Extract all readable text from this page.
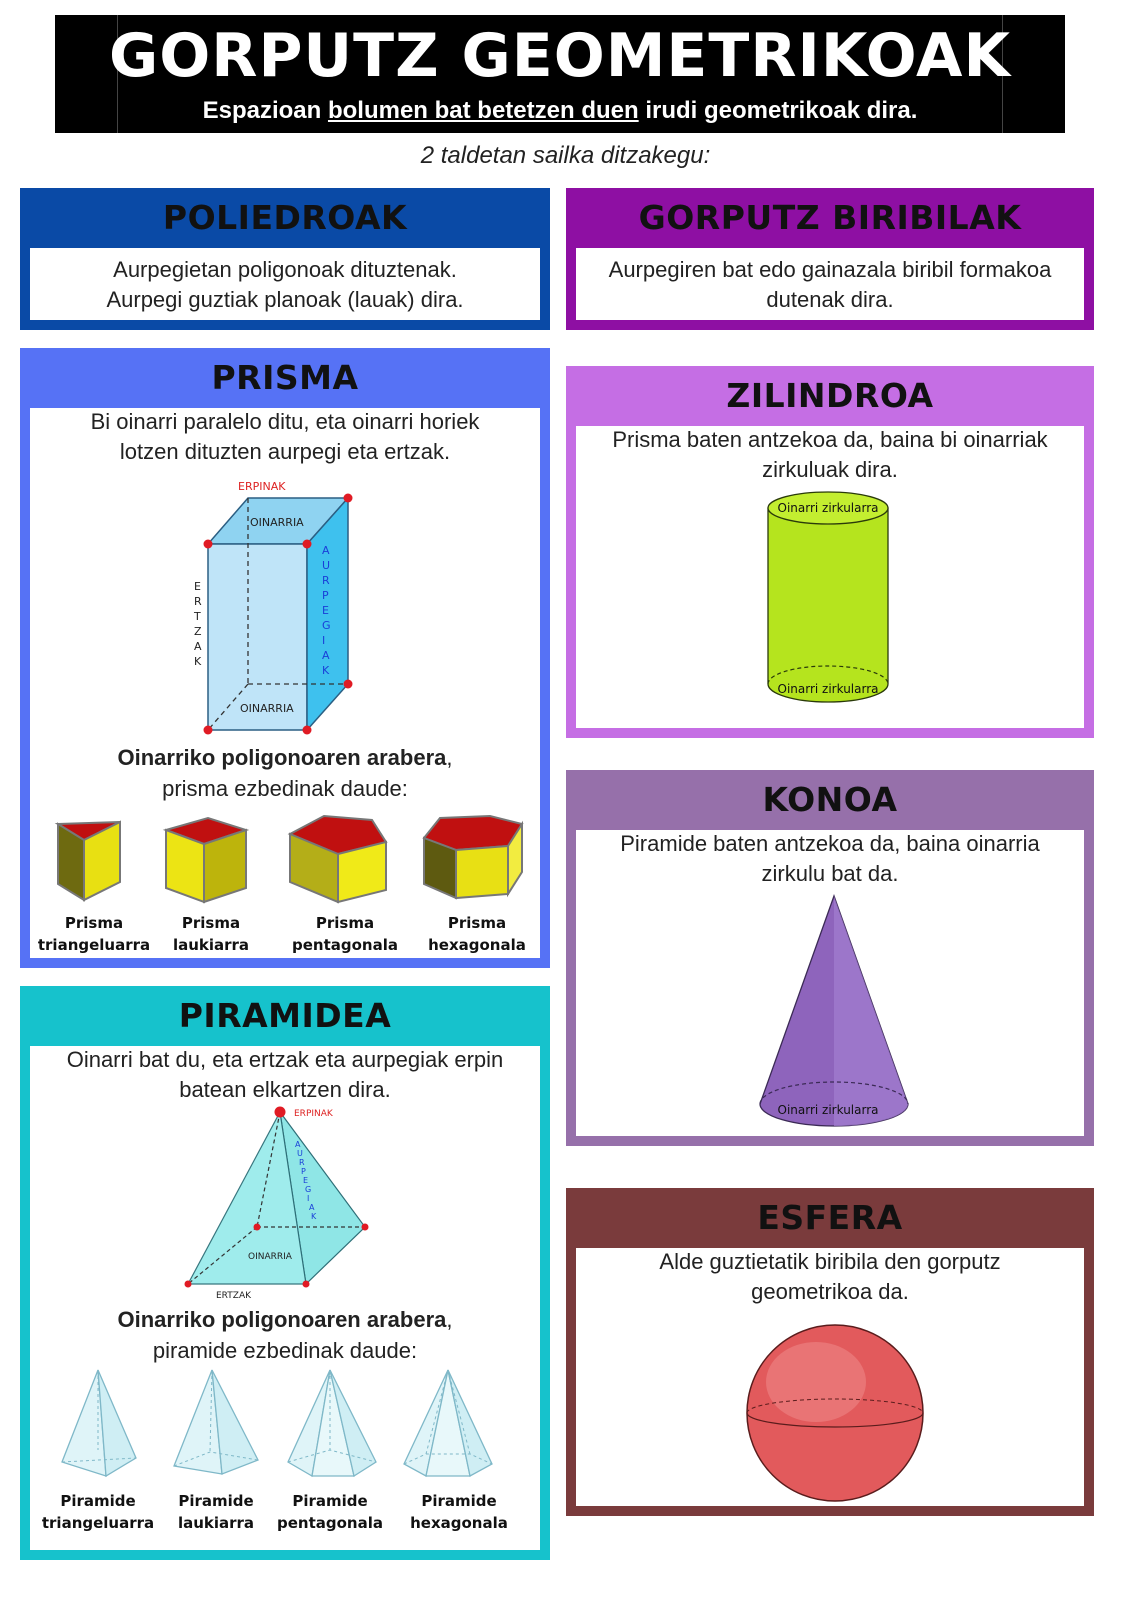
GORPUTZ GEOMETRIKOAK
Espazioan bolumen bat betetzen duen irudi geometrikoak dira.
2 taldetan sailka ditzakegu:
POLIEDROAK
Aurpegietan poligonoak dituztenak.
Aurpegi guztiak planoak (lauak) dira.
GORPUTZ BIRIBILAK
Aurpegiren bat edo gainazala biribil formakoa
dutenak dira.
PRISMA
Bi oinarri paralelo ditu, eta oinarri horiek
lotzen dituzten aurpegi eta ertzak.
ERPINAK
OINARRIA
OINARRIA
E
R
T
Z
A
K
A
U
R
P
E
G
I
A
K
Oinarriko poligonoaren arabera,
prisma ezbedinak daude:
Prisma
triangeluarra
Prisma
laukiarra
Prisma
pentagonala
Prisma
hexagonala
PIRAMIDEA
Oinarri bat du, eta ertzak eta aurpegiak erpin
batean elkartzen dira.
ERPINAK
OINARRIA
ERTZAK
A
U
R
P
E
G
I
A
K
Oinarriko poligonoaren arabera,
piramide ezbedinak daude:
Piramide
triangeluarra
Piramide
laukiarra
Piramide
pentagonala
Piramide
hexagonala
ZILINDROA
Prisma baten antzekoa da, baina bi oinarriak
zirkuluak dira.
Oinarri zirkularra
Oinarri zirkularra
KONOA
Piramide baten antzekoa da, baina oinarria
zirkulu bat da.
Oinarri zirkularra
ESFERA
Alde guztietatik biribila den gorputz
geometrikoa da.
